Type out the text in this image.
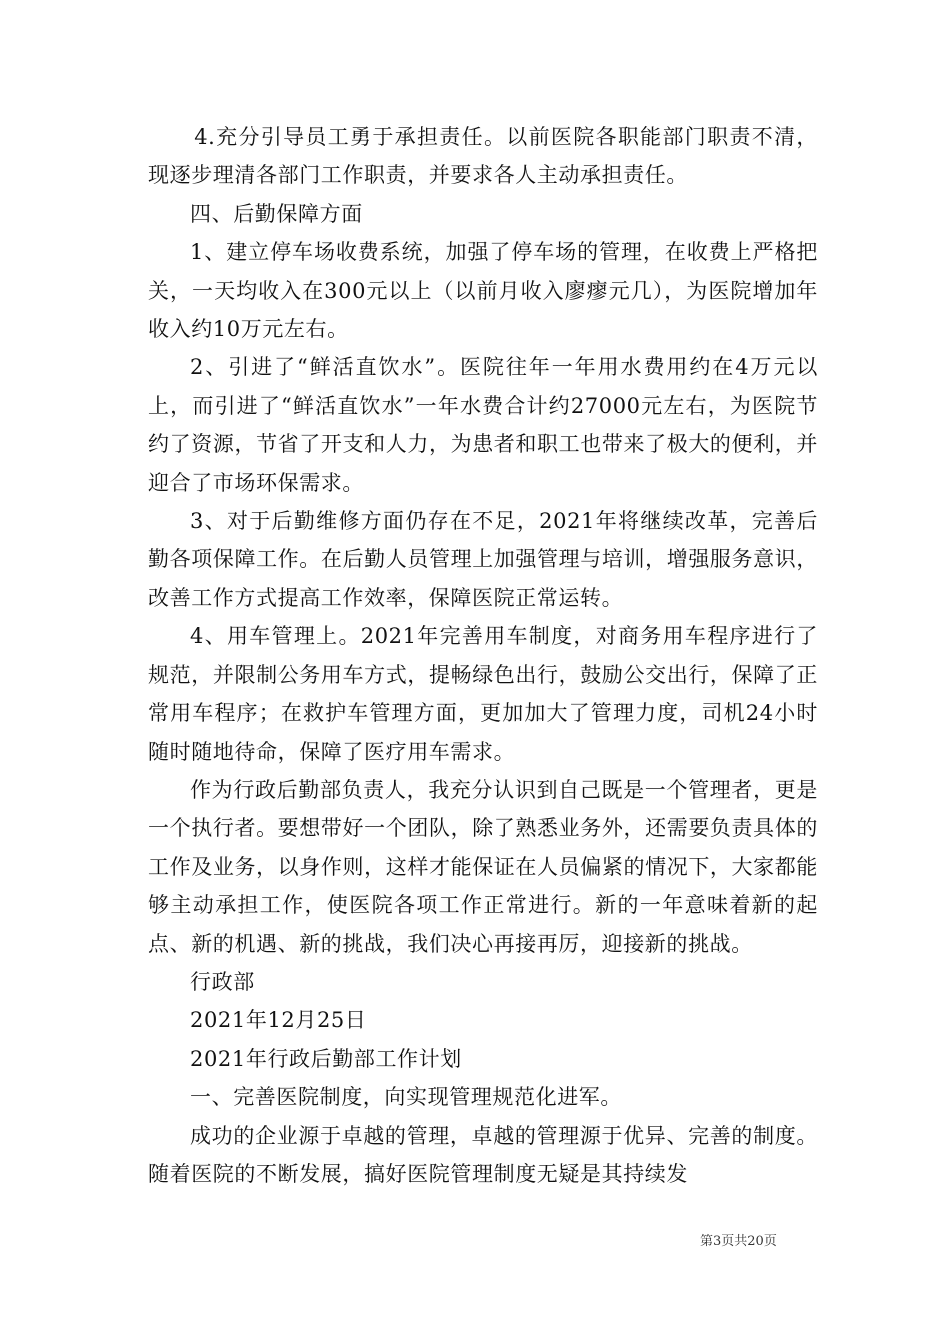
4.充分引导员工勇于承担责任。以前医院各职能部门职责不清，现逐步理清各部门工作职责，并要求各人主动承担责任。

四、后勤保障方面

1、建立停车场收费系统，加强了停车场的管理，在收费上严格把关，一天均收入在300元以上（以前月收入廖瘳元几），为医院增加年收入约10万元左右。

2、引进了“鲜活直饮水”。医院往年一年用水费用约在4万元以上，而引进了“鲜活直饮水”一年水费合计约27000元左右，为医院节约了资源，节省了开支和人力，为患者和职工也带来了极大的便利，并迎合了市场环保需求。

3、对于后勤维修方面仍存在不足，2021年将继续改革，完善后勤各项保障工作。在后勤人员管理上加强管理与培训，增强服务意识，改善工作方式提高工作效率，保障医院正常运转。

4、用车管理上。2021年完善用车制度，对商务用车程序进行了规范，并限制公务用车方式，提畅绿色出行，鼓励公交出行，保障了正常用车程序；在救护车管理方面，更加加大了管理力度，司机24小时随时随地待命，保障了医疗用车需求。

作为行政后勤部负责人，我充分认识到自己既是一个管理者，更是一个执行者。要想带好一个团队，除了熟悉业务外，还需要负责具体的工作及业务，以身作则，这样才能保证在人员偏紧的情况下，大家都能够主动承担工作，使医院各项工作正常进行。新的一年意味着新的起点、新的机遇、新的挑战，我们决心再接再厉，迎接新的挑战。

行政部

2021年12月25日

2021年行政后勤部工作计划

一、完善医院制度，向实现管理规范化进军。

成功的企业源于卓越的管理，卓越的管理源于优异、完善的制度。随着医院的不断发展，搞好医院管理制度无疑是其持续发

第3页共20页
